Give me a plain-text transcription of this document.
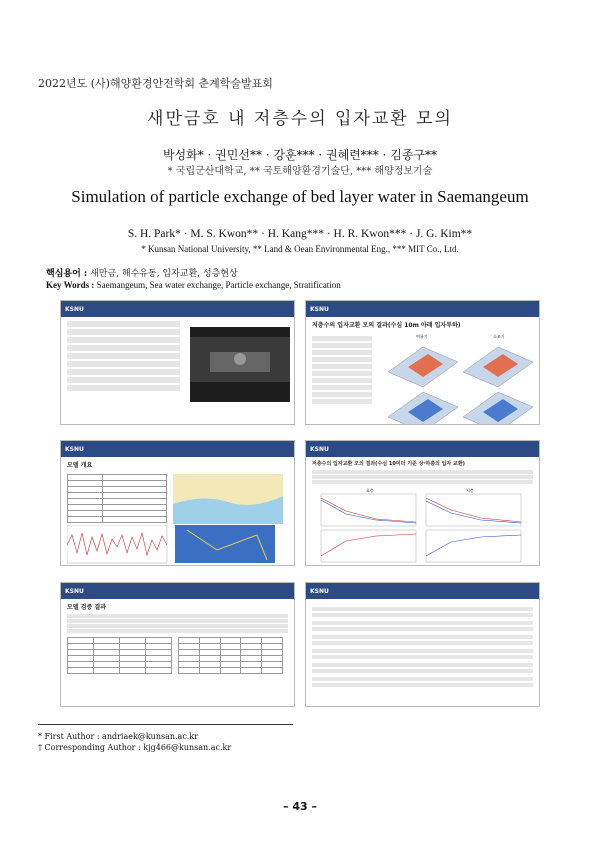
2022년도 (사)해양환경안전학회 춘계학술발표회
새만금호 내 저층수의 입자교환 모의
박성화* · 권민선** · 강훈*** · 권혜련*** · 김종구**
* 국립군산대학교, ** 국토해양환경기술단, *** 해양정보기술
Simulation of particle exchange of bed layer water in Saemangeum
S. H. Park* · M. S. Kwon** · H. Kang*** · H. R. Kwon*** · J. G. Kim**
* Kunsan National University, ** Land & Oean Environmental Eng., *** MIT Co., Ltd.
핵심용어 : 새만금, 해수유동, 입자교환, 성층현상
Key Words : Saemangeum, Sea water exchange, Particle exchange, Stratification
KSNU	KSNU
저층수의 입자교환 모의 결과(수심 10m 아래 입자투하)
여름기	소조기
KSNU
모델 개요

KSNU
저층수의 입자교환 모의 결과(수심 10미터 기준 상·하층의 입자 교환)
표층	저층
KSNU
모델 검증 결과

KSNU
* First Author : andriaek@kunsan.ac.kr
† Corresponding Author : kjg466@kunsan.ac.kr
– 43 –
